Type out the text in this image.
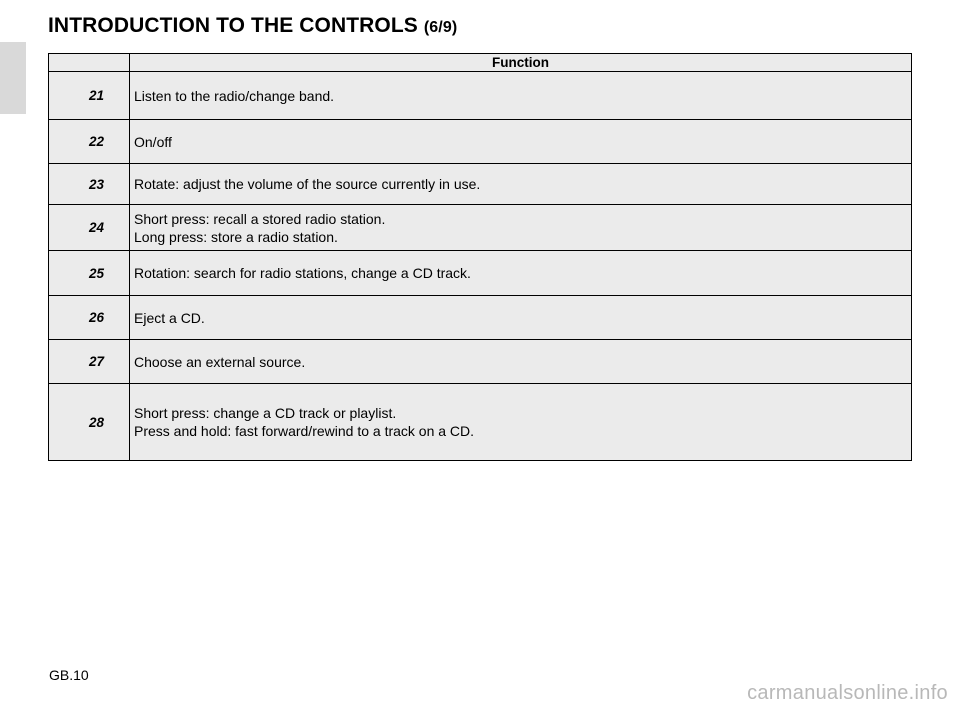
INTRODUCTION TO THE CONTROLS (6/9)
	Function
21	Listen to the radio/change band.

22	On/off

23	Rotate: adjust the volume of the source currently in use.

24	Short press: recall a stored radio station.
Long press: store a radio station.

25	Rotation: search for radio stations, change a CD track.

26	Eject a CD.

27	Choose an external source.

28	Short press: change a CD track or playlist.
Press and hold: fast forward/rewind to a track on a CD.
GB.10
carmanualsonline.info
